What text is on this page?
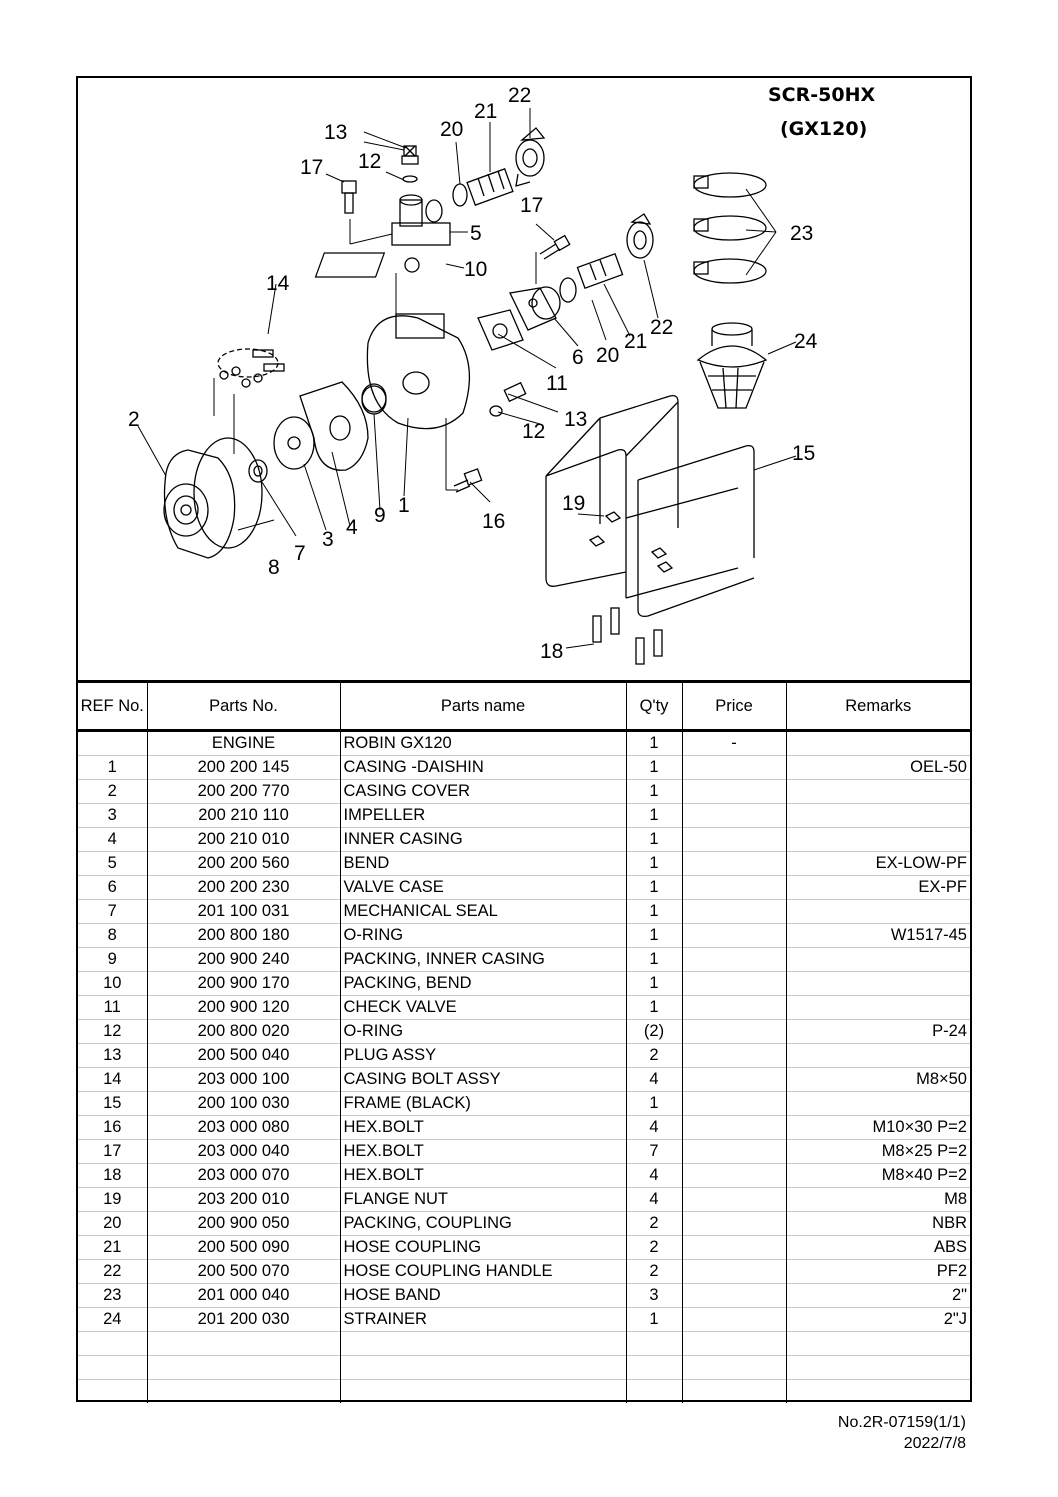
SCR-50HX
(GX120)
22
21
20
13
12
17
5
10
17
23
14
21
22
20
6
24
11
2
12
13
15
9 1	19
16
4
3
7
8
18
REF No.	Parts No.	Parts name	Q'ty	Price	Remarks
	ENGINE	ROBIN GX120	1	-	
1	200 200 145	CASING -DAISHIN	1		OEL-50
2	200 200 770	CASING COVER	1		
3	200 210 110	IMPELLER	1		
4	200 210 010	INNER CASING	1		
5	200 200 560	BEND	1		EX-LOW-PF
6	200 200 230	VALVE CASE	1		EX-PF
7	201 100 031	MECHANICAL SEAL	1		
8	200 800 180	O-RING	1		W1517-45
9	200 900 240	PACKING, INNER CASING	1		
10	200 900 170	PACKING, BEND	1		
11	200 900 120	CHECK VALVE	1		
12	200 800 020	O-RING	(2)		P-24
13	200 500 040	PLUG ASSY	2		
14	203 000 100	CASING BOLT ASSY	4		M8×50
15	200 100 030	FRAME (BLACK)	1		
16	203 000 080	HEX.BOLT	4		M10×30 P=2
17	203 000 040	HEX.BOLT	7		M8×25 P=2
18	203 000 070	HEX.BOLT	4		M8×40 P=2
19	203 200 010	FLANGE NUT	4		M8
20	200 900 050	PACKING, COUPLING	2		NBR
21	200 500 090	HOSE COUPLING	2		ABS
22	200 500 070	HOSE COUPLING HANDLE	2		PF2
23	201 000 040	HOSE BAND	3		2"
24	201 200 030	STRAINER	1		2"J

No.2R-07159(1/1)
2022/7/8
